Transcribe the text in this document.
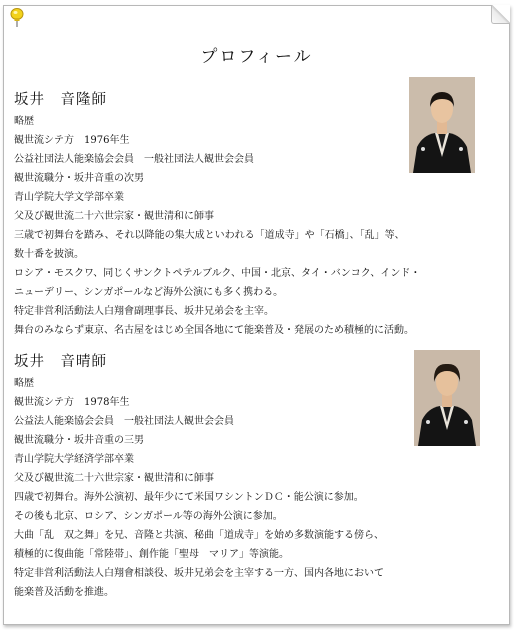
プロフィール
坂井　音隆師
略歴
観世流シテ方　1976年生
公益社団法人能楽協会会員　一般社団法人観世会会員
観世流職分・坂井音重の次男
青山学院大学文学部卒業
父及び観世流二十六世宗家・観世清和に師事
三歳で初舞台を踏み、それ以降能の集大成といわれる「道成寺」や「石橋」、「乱」等、
数十番を披演。
ロシア・モスクワ、同じくサンクトペテルブルク、中国・北京、タイ・バンコク、インド・
ニューデリー、シンガポールなど海外公演にも多く携わる。
特定非営利活動法人白翔會副理事長、坂井兄弟会を主宰。
舞台のみならず東京、名古屋をはじめ全国各地にて能楽普及・発展のため積極的に活動。
坂井　音晴師
略歴
観世流シテ方　1978年生
公益法人能楽協会会員　一般社団法人観世会会員
観世流職分・坂井音重の三男
青山学院大学経済学部卒業
父及び観世流二十六世宗家・観世清和に師事
四歳で初舞台。海外公演初、最年少にて米国ワシントンＤＣ・能公演に参加。
その後も北京、ロシア、シンガポール等の海外公演に参加。
大曲「乱　双之舞」を兄、音隆と共演、秘曲「道成寺」を始め多数演能する傍ら、
積極的に復曲能「常陸帯」、創作能「聖母　マリア」等演能。
特定非営利活動法人白翔會相談役、坂井兄弟会を主宰する一方、国内各地において
能楽普及活動を推進。
